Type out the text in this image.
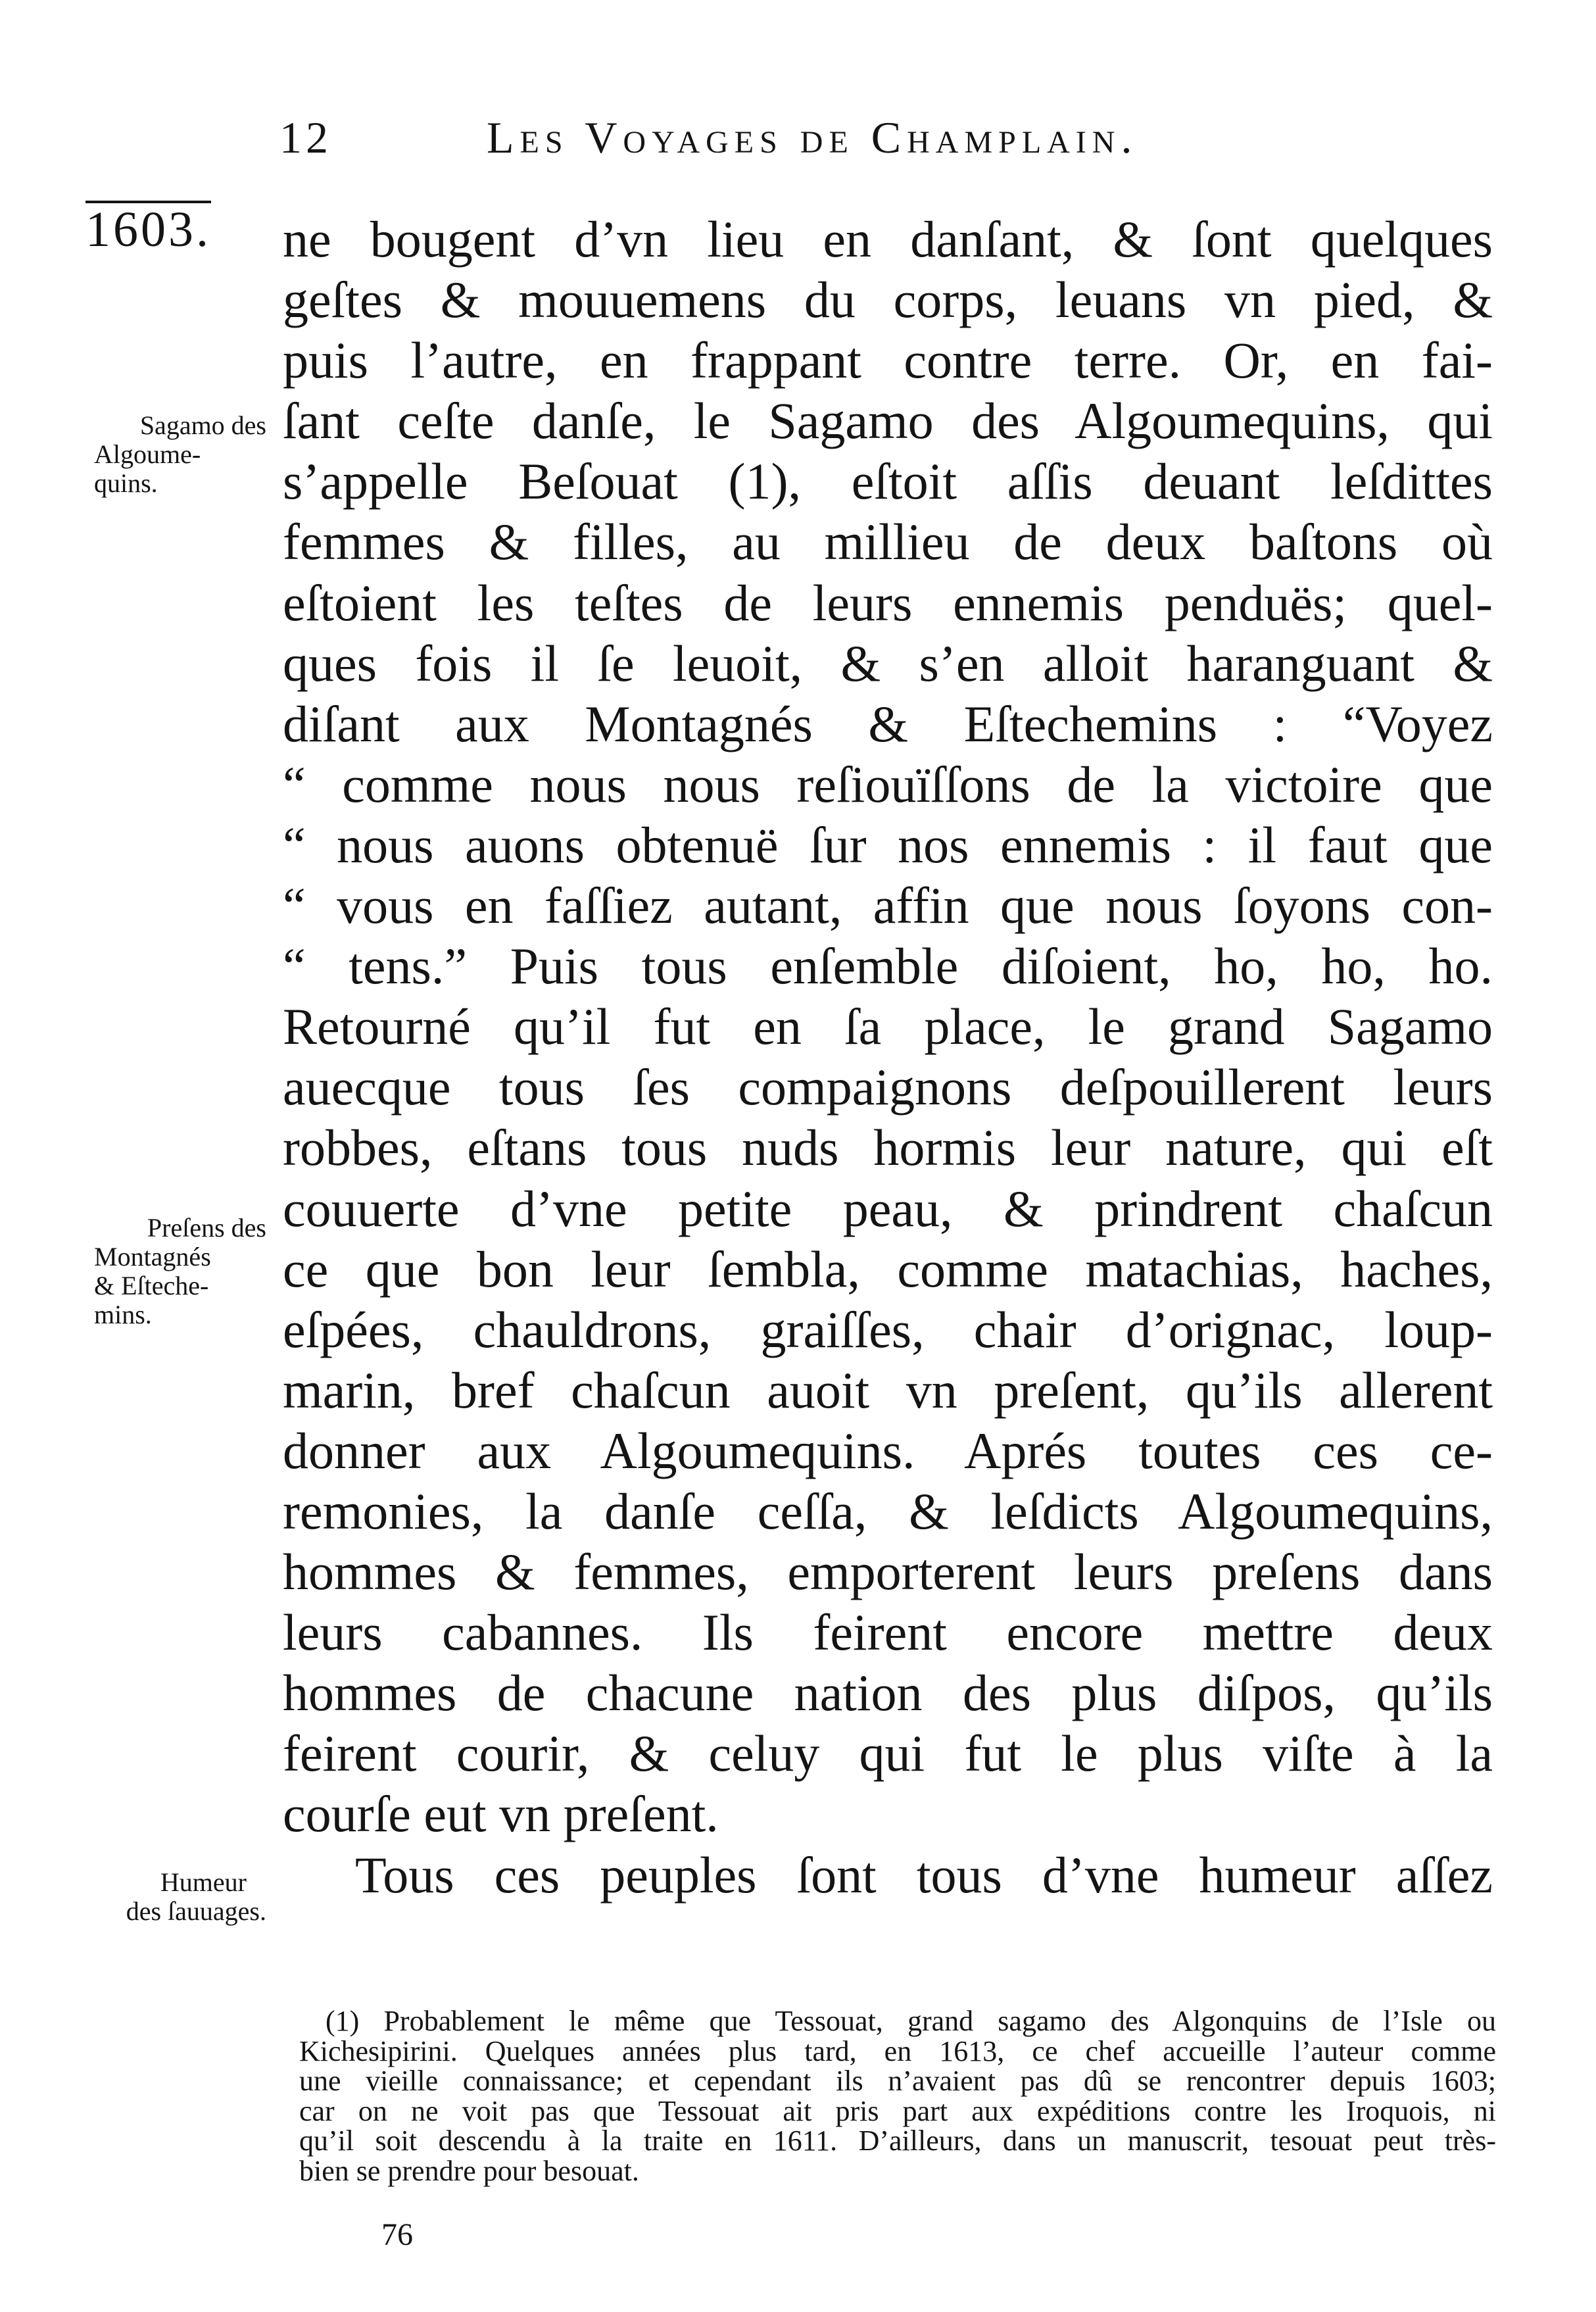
12	Les Voyages de Champlain.
1603.
Sagamo des
Algoume-
quins.
Preſens des
Montagnés
& Eſteche-
mins.
Humeur
des ſauuages.
ne bougent d’vn lieu en danſant, & ſont quelques
geſtes & mouuemens du corps, leuans vn pied, &
puis l’autre, en frappant contre terre. Or, en fai-
ſant ceſte danſe, le Sagamo des Algoumequins, qui
s’appelle Beſouat (1), eſtoit aſſis deuant leſdittes
femmes & filles, au millieu de deux baſtons où
eſtoient les teſtes de leurs ennemis penduës; quel-
ques fois il ſe leuoit, & s’en alloit haranguant &
diſant aux Montagnés & Eſtechemins : “Voyez
“ comme nous nous reſiouïſſons de la victoire que
“ nous auons obtenuë ſur nos ennemis : il faut que
“ vous en faſſiez autant, affin que nous ſoyons con-
“ tens.” Puis tous enſemble diſoient, ho, ho, ho.
Retourné qu’il fut en ſa place, le grand Sagamo
auecque tous ſes compaignons deſpouillerent leurs
robbes, eſtans tous nuds hormis leur nature, qui eſt
couuerte d’vne petite peau, & prindrent chaſcun
ce que bon leur ſembla, comme matachias, haches,
eſpées, chauldrons, graiſſes, chair d’orignac, loup-
marin, bref chaſcun auoit vn preſent, qu’ils allerent
donner aux Algoumequins. Aprés toutes ces ce-
remonies, la danſe ceſſa, & leſdicts Algoumequins,
hommes & femmes, emporterent leurs preſens dans
leurs cabannes. Ils feirent encore mettre deux
hommes de chacune nation des plus diſpos, qu’ils
feirent courir, & celuy qui fut le plus viſte à la
courſe eut vn preſent.
Tous ces peuples ſont tous d’vne humeur aſſez
(1) Probablement le même que Tessouat, grand sagamo des Algonquins de l’Isle ou
Kichesipirini. Quelques années plus tard, en 1613, ce chef accueille l’auteur comme
une vieille connaissance; et cependant ils n’avaient pas dû se rencontrer depuis 1603;
car on ne voit pas que Tessouat ait pris part aux expéditions contre les Iroquois, ni
qu’il soit descendu à la traite en 1611. D’ailleurs, dans un manuscrit, tesouat peut très-
bien se prendre pour besouat.
76
